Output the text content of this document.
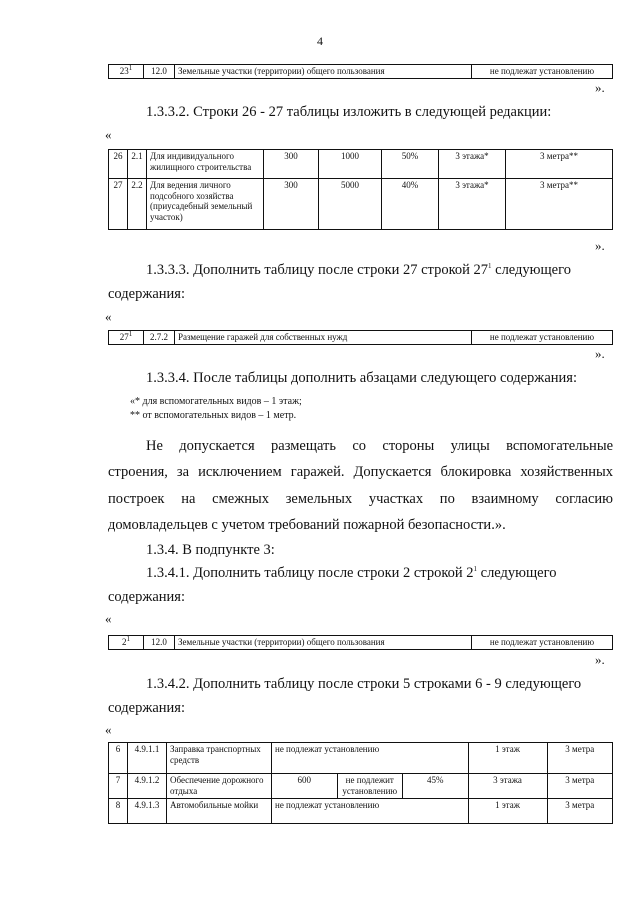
4
$23^1$	12.0	Земельные участки (территории) общего пользования	не подлежат установлению
».
1.3.3.2. Строки 26 - 27 таблицы изложить в следующей редакции:
«
26	2.1	Для индивидуального жилищного строительства	300	1000	50%	3 этажа*	3 метра**
27	2.2	Для ведения личного подсобного хозяйства (приусадебный земельный участок)	300	5000	40%	3 этажа*	3 метра**
».
1.3.3.3. Дополнить таблицу после строки 27 строкой $27^1$ следующего
содержания:
«
$27^1$	2.7.2	Размещение гаражей для собственных нужд	не подлежат установлению
».
1.3.3.4. После таблицы дополнить абзацами следующего содержания:
«* для вспомогательных видов – 1 этаж;
** от вспомогательных видов – 1 метр.
Не допускается размещать со стороны улицы вспомогательные
строения, за исключением гаражей. Допускается блокировка хозяйственных
построек на смежных земельных участках по взаимному согласию
домовладельцев с учетом требований пожарной безопасности.».
1.3.4. В подпункте 3:
1.3.4.1. Дополнить таблицу после строки 2 строкой $2^1$ следующего
содержания:
«
$2^1$	12.0	Земельные участки (территории) общего пользования	не подлежат установлению
».
1.3.4.2. Дополнить таблицу после строки 5 строками 6 - 9 следующего
содержания:
«
6	4.9.1.1	Заправка транспортных средств	не подлежат установлению			1 этаж	3 метра
7	4.9.1.2	Обеспечение дорожного отдыха	600	не подлежит установлению	45%	3 этажа	3 метра
8	4.9.1.3	Автомобильные мойки	не подлежат установлению			1 этаж	3 метра
